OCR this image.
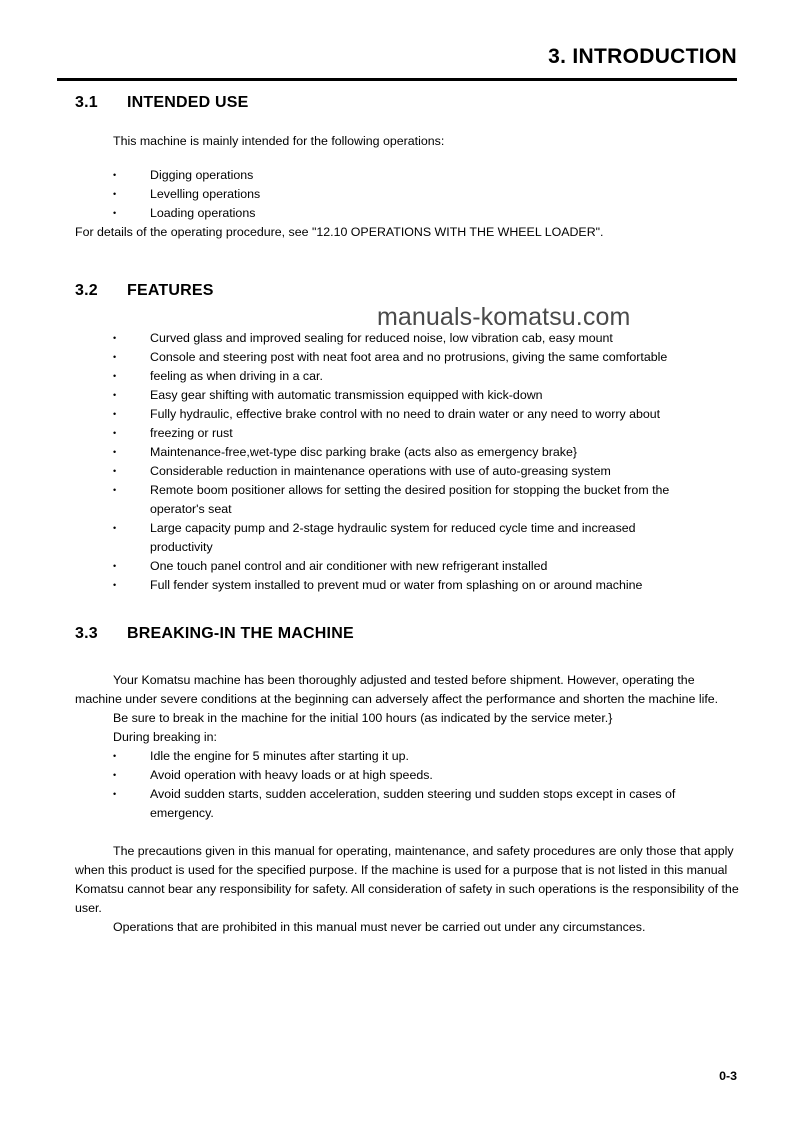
3. INTRODUCTION
3.1	INTENDED USE

This machine is mainly intended for the following operations:

• Digging operations
• Levelling operations
• Loading operations

For details of the operating procedure, see "12.10 OPERATIONS WITH THE WHEEL LOADER".

3.2	FEATURES
• Curved glass and improved sealing for reduced noise, low vibration cab, easy mount
• Console and steering post with neat foot area and no protrusions, giving the same comfortable
• feeling as when driving in a car.
• Easy gear shifting with automatic transmission equipped with kick-down
• Fully hydraulic, effective brake control with no need to drain water or any need to worry about
• freezing or rust
• Maintenance-free,wet-type disc parking brake (acts also as emergency brake}
• Considerable reduction in maintenance operations with use of auto-greasing system
• Remote boom positioner allows for setting the desired position for stopping the bucket from the
operator's seat
• Large capacity pump and 2-stage hydraulic system for reduced cycle time and increased
productivity
• One touch panel control and air conditioner with new refrigerant installed
• Full fender system installed to prevent mud or water from splashing on or around machine
3.3	BREAKING-IN THE MACHINE

Your Komatsu machine has been thoroughly adjusted and tested before shipment. However, operating the machine under severe conditions at the beginning can adversely affect the performance and shorten the machine life.

Be sure to break in the machine for the initial 100 hours (as indicated by the service meter.}

During breaking in:

• Idle the engine for 5 minutes after starting it up.
• Avoid operation with heavy loads or at high speeds.
• Avoid sudden starts, sudden acceleration, sudden steering und sudden stops except in cases of
emergency.

The precautions given in this manual for operating, maintenance, and safety procedures are only those that apply when this product is used for the specified purpose. If the machine is used for a purpose that is not listed in this manual Komatsu cannot bear any responsibility for safety. All consideration of safety in such operations is the responsibility of the user.

Operations that are prohibited in this manual must never be carried out under any circumstances.

manuals-komatsu.com
0-3
